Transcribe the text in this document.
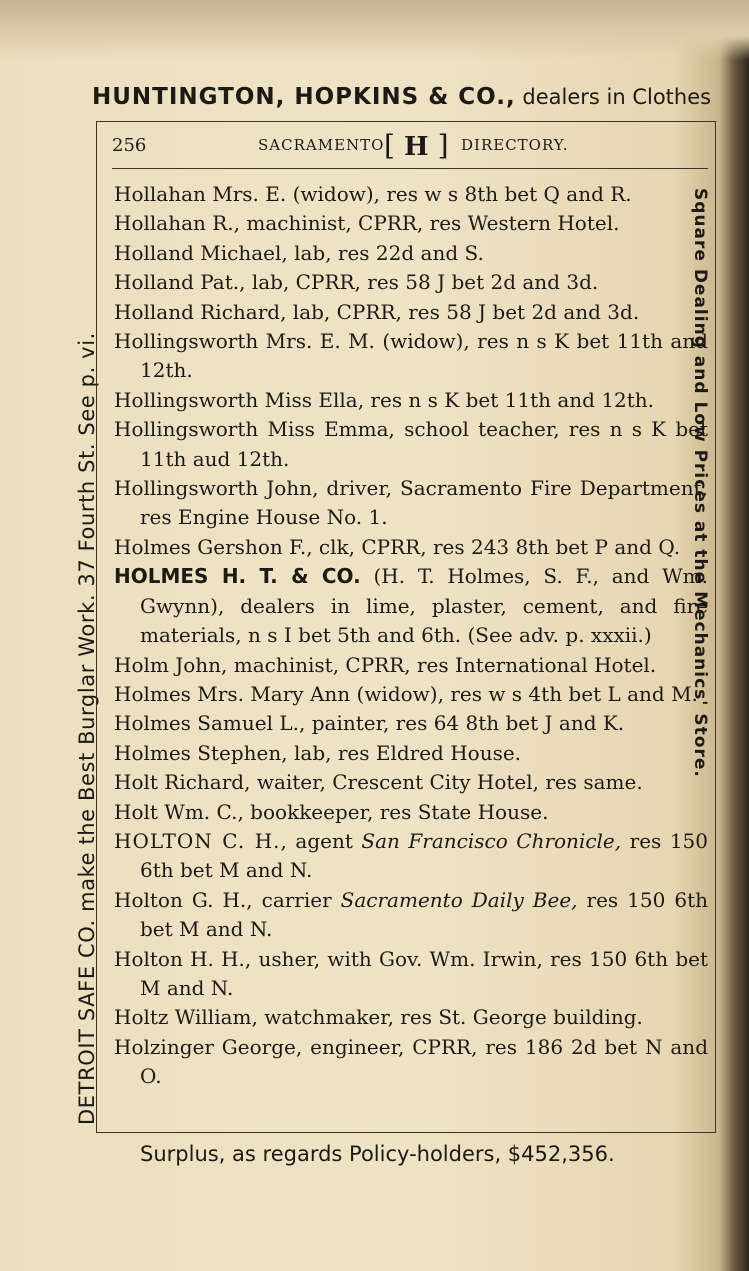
HUNTINGTON, HOPKINS & CO., dealers in Clothes
DETROIT SAFE CO. make the Best Burglar Work. 37 Fourth St. See p. vi.	Square Dealing and Low Prices at the Mechanics' Store.
256	SACRAMENTO [ H ] DIRECTORY.
Hollahan Mrs. E. (widow), res w s 8th bet Q and R.
Hollahan R., machinist, CPRR, res Western Hotel.
Holland Michael, lab, res 22d and S.
Holland Pat., lab, CPRR, res 58 J bet 2d and 3d.
Holland Richard, lab, CPRR, res 58 J bet 2d and 3d.
Hollingsworth Mrs. E. M. (widow), res n s K bet 11th and 12th.
Hollingsworth Miss Ella, res n s K bet 11th and 12th.
Hollingsworth Miss Emma, school teacher, res n s K bet 11th aud 12th.
Hollingsworth John, driver, Sacramento Fire Department, res Engine House No. 1.
Holmes Gershon F., clk, CPRR, res 243 8th bet P and Q.
HOLMES H. T. & CO. (H. T. Holmes, S. F., and Wm. Gwynn), dealers in lime, plaster, cement, and fire materials, n s I bet 5th and 6th. (See adv. p. xxxii.)
Holm John, machinist, CPRR, res International Hotel.
Holmes Mrs. Mary Ann (widow), res w s 4th bet L and M.
Holmes Samuel L., painter, res 64 8th bet J and K.
Holmes Stephen, lab, res Eldred House.
Holt Richard, waiter, Crescent City Hotel, res same.
Holt Wm. C., bookkeeper, res State House.
HOLTON C. H., agent San Francisco Chronicle, res 150 6th bet M and N.
Holton G. H., carrier Sacramento Daily Bee, res 150 6th bet M and N.
Holton H. H., usher, with Gov. Wm. Irwin, res 150 6th bet M and N.
Holtz William, watchmaker, res St. George building.
Holzinger George, engineer, CPRR, res 186 2d bet N and O.
Surplus, as regards Policy-holders, $452,356.
